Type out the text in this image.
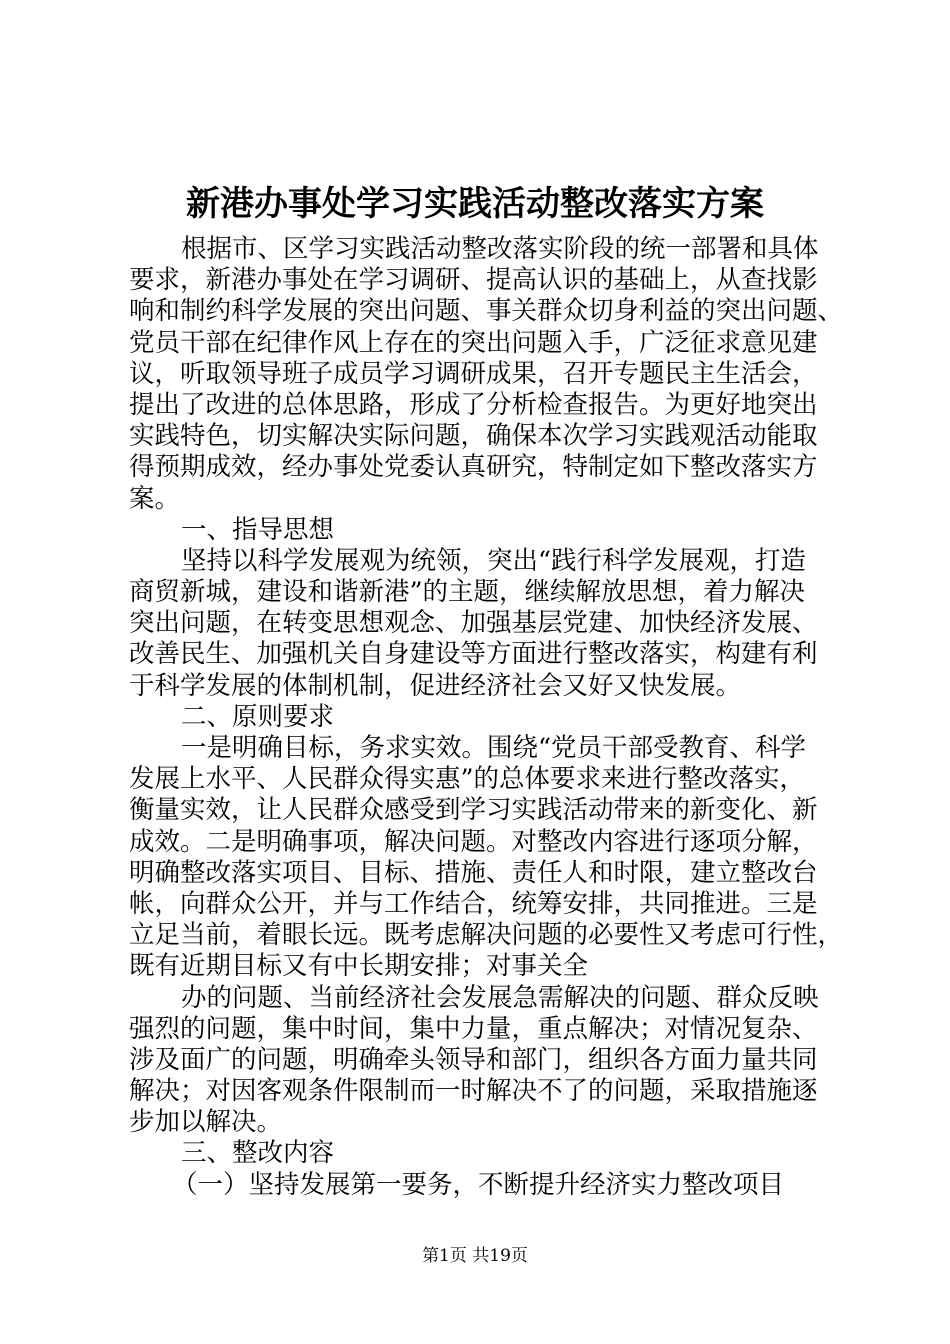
新港办事处学习实践活动整改落实方案
根据市、区学习实践活动整改落实阶段的统一部署和具体
要求，新港办事处在学习调研、提高认识的基础上，从查找影
响和制约科学发展的突出问题、事关群众切身利益的突出问题、
党员干部在纪律作风上存在的突出问题入手，广泛征求意见建
议，听取领导班子成员学习调研成果，召开专题民主生活会，
提出了改进的总体思路，形成了分析检查报告。为更好地突出
实践特色，切实解决实际问题，确保本次学习实践观活动能取
得预期成效，经办事处党委认真研究，特制定如下整改落实方
案。
一、指导思想
坚持以科学发展观为统领，突出“践行科学发展观，打造
商贸新城，建设和谐新港”的主题，继续解放思想，着力解决
突出问题，在转变思想观念、加强基层党建、加快经济发展、
改善民生、加强机关自身建设等方面进行整改落实，构建有利
于科学发展的体制机制，促进经济社会又好又快发展。
二、原则要求
一是明确目标，务求实效。围绕“党员干部受教育、科学
发展上水平、人民群众得实惠”的总体要求来进行整改落实，
衡量实效，让人民群众感受到学习实践活动带来的新变化、新
成效。二是明确事项，解决问题。对整改内容进行逐项分解，
明确整改落实项目、目标、措施、责任人和时限，建立整改台
帐，向群众公开，并与工作结合，统筹安排，共同推进。三是
立足当前，着眼长远。既考虑解决问题的必要性又考虑可行性，
既有近期目标又有中长期安排；对事关全
办的问题、当前经济社会发展急需解决的问题、群众反映
强烈的问题，集中时间，集中力量，重点解决；对情况复杂、
涉及面广的问题，明确牵头领导和部门，组织各方面力量共同
解决；对因客观条件限制而一时解决不了的问题，采取措施逐
步加以解决。
三、整改内容
（一）坚持发展第一要务，不断提升经济实力整改项目
第1页 共19页
